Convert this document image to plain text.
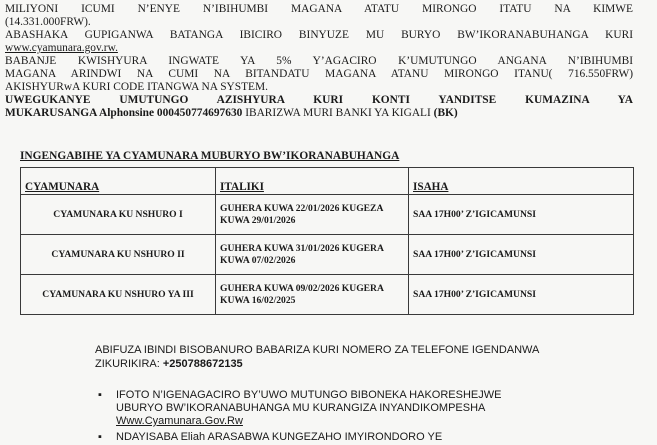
MILIYONI ICUMI N’ENYE N’IBIHUMBI MAGANA ATATU MIRONGO ITATU NA KIMWE
(14.331.000FRW).
ABASHAKA GUPIGANWA BATANGA IBICIRO BINYUZE MU BURYO BW’IKORANABUHANGA KURI
www.cyamunara.gov.rw.
BABANJE KWISHYURA INGWATE YA 5% Y’AGACIRO K’UMUTUNGO ANGANA N’IBIHUMBI
MAGANA ARINDWI NA CUMI NA BITANDATU MAGANA ATANU MIRONGO ITANU( 716.550FRW)
AKISHYURwA KURI CODE ITANGWA NA SYSTEM.
UWEGUKANYE UMUTUNGO AZISHYURA KURI KONTI YANDITSE KUMAZINA YA
MUKARUSANGA Alphonsine 000450774697630 IBARIZWA MURI BANKI YA KIGALI (BK)
INGENGABIHE YA CYAMUNARA MUBURYO BW’IKORANABUHANGA
CYAMUNARA	ITALIKI	ISAHA
CYAMUNARA KU NSHURO I	GUHERA KUWA 22/01/2026 KUGEZA KUWA 29/01/2026	SAA 17H00’ Z’IGICAMUNSI
CYAMUNARA KU NSHURO II	GUHERA KUWA 31/01/2026 KUGERA KUWA 07/02/2026	SAA 17H00’ Z’IGICAMUNSI
CYAMUNARA KU NSHURO YA III	GUHERA KUWA 09/02/2026 KUGERA KUWA 16/02/2025	SAA 17H00’ Z’IGICAMUNSI
ABIFUZA IBINDI BISOBANURO BABARIZA KURI NOMERO ZA TELEFONE IGENDANWA
ZIKURIKIRA: +250788672135
▪ IFOTO N’IGENAGACIRO BY’UWO MUTUNGO BIBONEKA HAKORESHEJWE
UBURYO BW’IKORANABUHANGA MU KURANGIZA INYANDIKOMPESHA
Www.Cyamunara.Gov.Rw
▪ NDAYISABA Eliah ARASABWA KUNGEZAHO IMYIRONDORO YE
